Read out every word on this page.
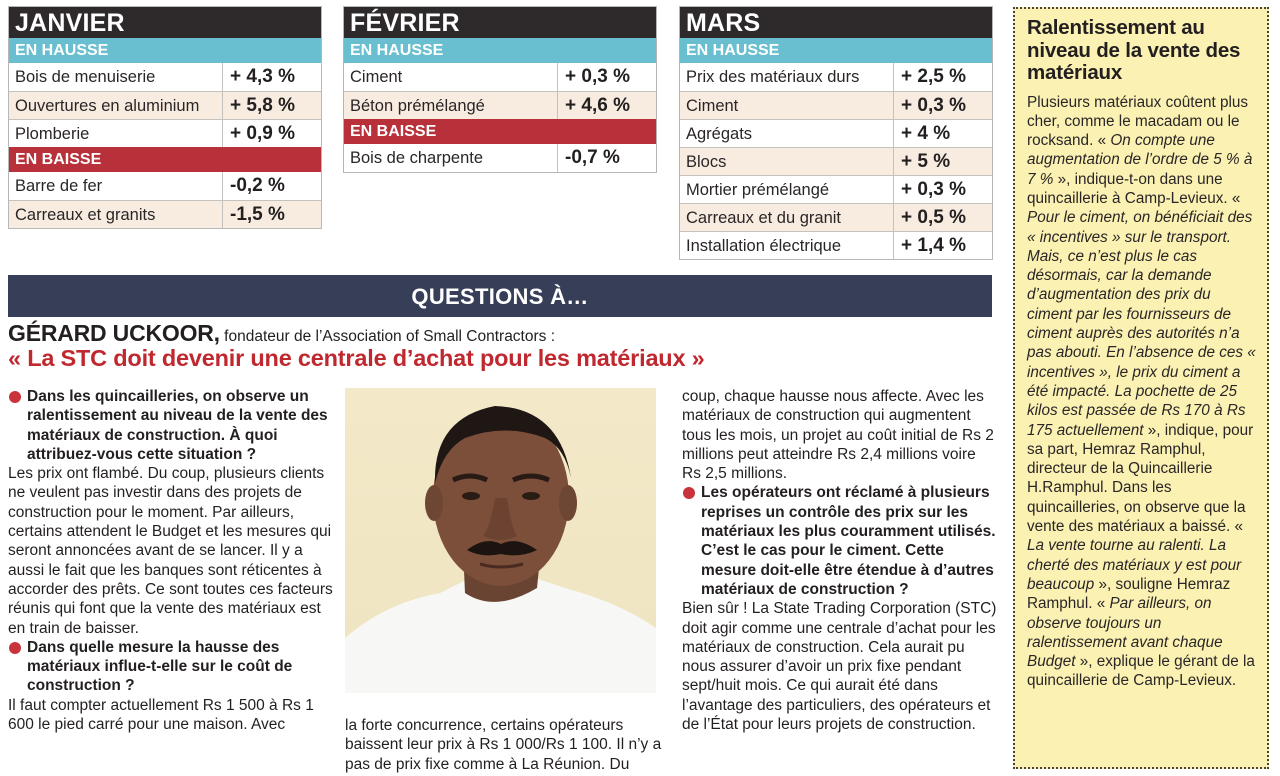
JANVIER
EN HAUSSE
Bois de menuiserie	+ 4,3 %
Ouvertures en aluminium	+ 5,8 %
Plomberie	+ 0,9 %
EN BAISSE
Barre de fer	-0,2 %
Carreaux et granits	-1,5 %
FÉVRIER
EN HAUSSE
Ciment	+ 0,3 %
Béton prémélangé	+ 4,6 %
EN BAISSE
Bois de charpente	-0,7 %
MARS
EN HAUSSE
Prix des matériaux durs	+ 2,5 %
Ciment	+ 0,3 %
Agrégats	+ 4 %
Blocs	+ 5 %
Mortier prémélangé	+ 0,3 %
Carreaux et du granit	+ 0,5 %
Installation électrique	+ 1,4 %
QUESTIONS À…
GÉRARD UCKOOR, fondateur de l’Association of Small Contractors :
« La STC doit devenir une centrale d’achat pour les matériaux »

Dans les quincailleries, on observe un ralentissement au niveau de la vente des matériaux de construction. À quoi attribuez-vous cette situation ?

Les prix ont flambé. Du coup, plusieurs clients ne veulent pas investir dans des projets de construction pour le moment. Par ailleurs, certains attendent le Budget et les mesures qui seront annoncées avant de se lancer. Il y a aussi le fait que les banques sont réticentes à accorder des prêts. Ce sont toutes ces facteurs réunis qui font que la vente des matériaux est en train de baisser.

Dans quelle mesure la hausse des matériaux influe-t-elle sur le coût de construction ?

Il faut compter actuellement Rs 1 500 à Rs 1 600 le pied carré pour une maison. Avec	la forte concurrence, certains opérateurs baissent leur prix à Rs 1 000/Rs 1 100. Il n’y a pas de prix fixe comme à La Réunion. Du

coup, chaque hausse nous affecte. Avec les matériaux de construction qui augmentent tous les mois, un projet au coût initial de Rs 2 millions peut atteindre Rs 2,4 millions voire Rs 2,5 millions.

Les opérateurs ont réclamé à plusieurs reprises un contrôle des prix sur les matériaux les plus couramment utilisés. C’est le cas pour le ciment. Cette mesure doit-elle être étendue à d’autres matériaux de construction ?

Bien sûr ! La State Trading Corporation (STC) doit agir comme une centrale d’achat pour les matériaux de construction. Cela aurait pu nous assurer d’avoir un prix fixe pendant sept/huit mois. Ce qui aurait été dans l’avantage des particuliers, des opérateurs et de l’État pour leurs projets de construction.

Ralentissement au niveau de la vente des matériaux
Plusieurs matériaux coûtent plus cher, comme le macadam ou le rocksand. « On compte une augmentation de l’ordre de 5 % à 7 % », indique-t-on dans une quincaillerie à Camp-Levieux. « Pour le ciment, on bénéficiait des « incentives » sur le transport. Mais, ce n’est plus le cas désormais, car la demande d’augmentation des prix du ciment par les fournisseurs de ciment auprès des autorités n’a pas abouti. En l’absence de ces « incentives », le prix du ciment a été impacté. La pochette de 25 kilos est passée de Rs 170 à Rs 175 actuellement », indique, pour sa part, Hemraz Ramphul, directeur de la Quincaillerie H.Ramphul. Dans les quincailleries, on observe que la vente des matériaux a baissé. « La vente tourne au ralenti. La cherté des matériaux y est pour beaucoup », souligne Hemraz Ramphul. « Par ailleurs, on observe toujours un ralentissement avant chaque Budget », explique le gérant de la quincaillerie de Camp-Levieux.
